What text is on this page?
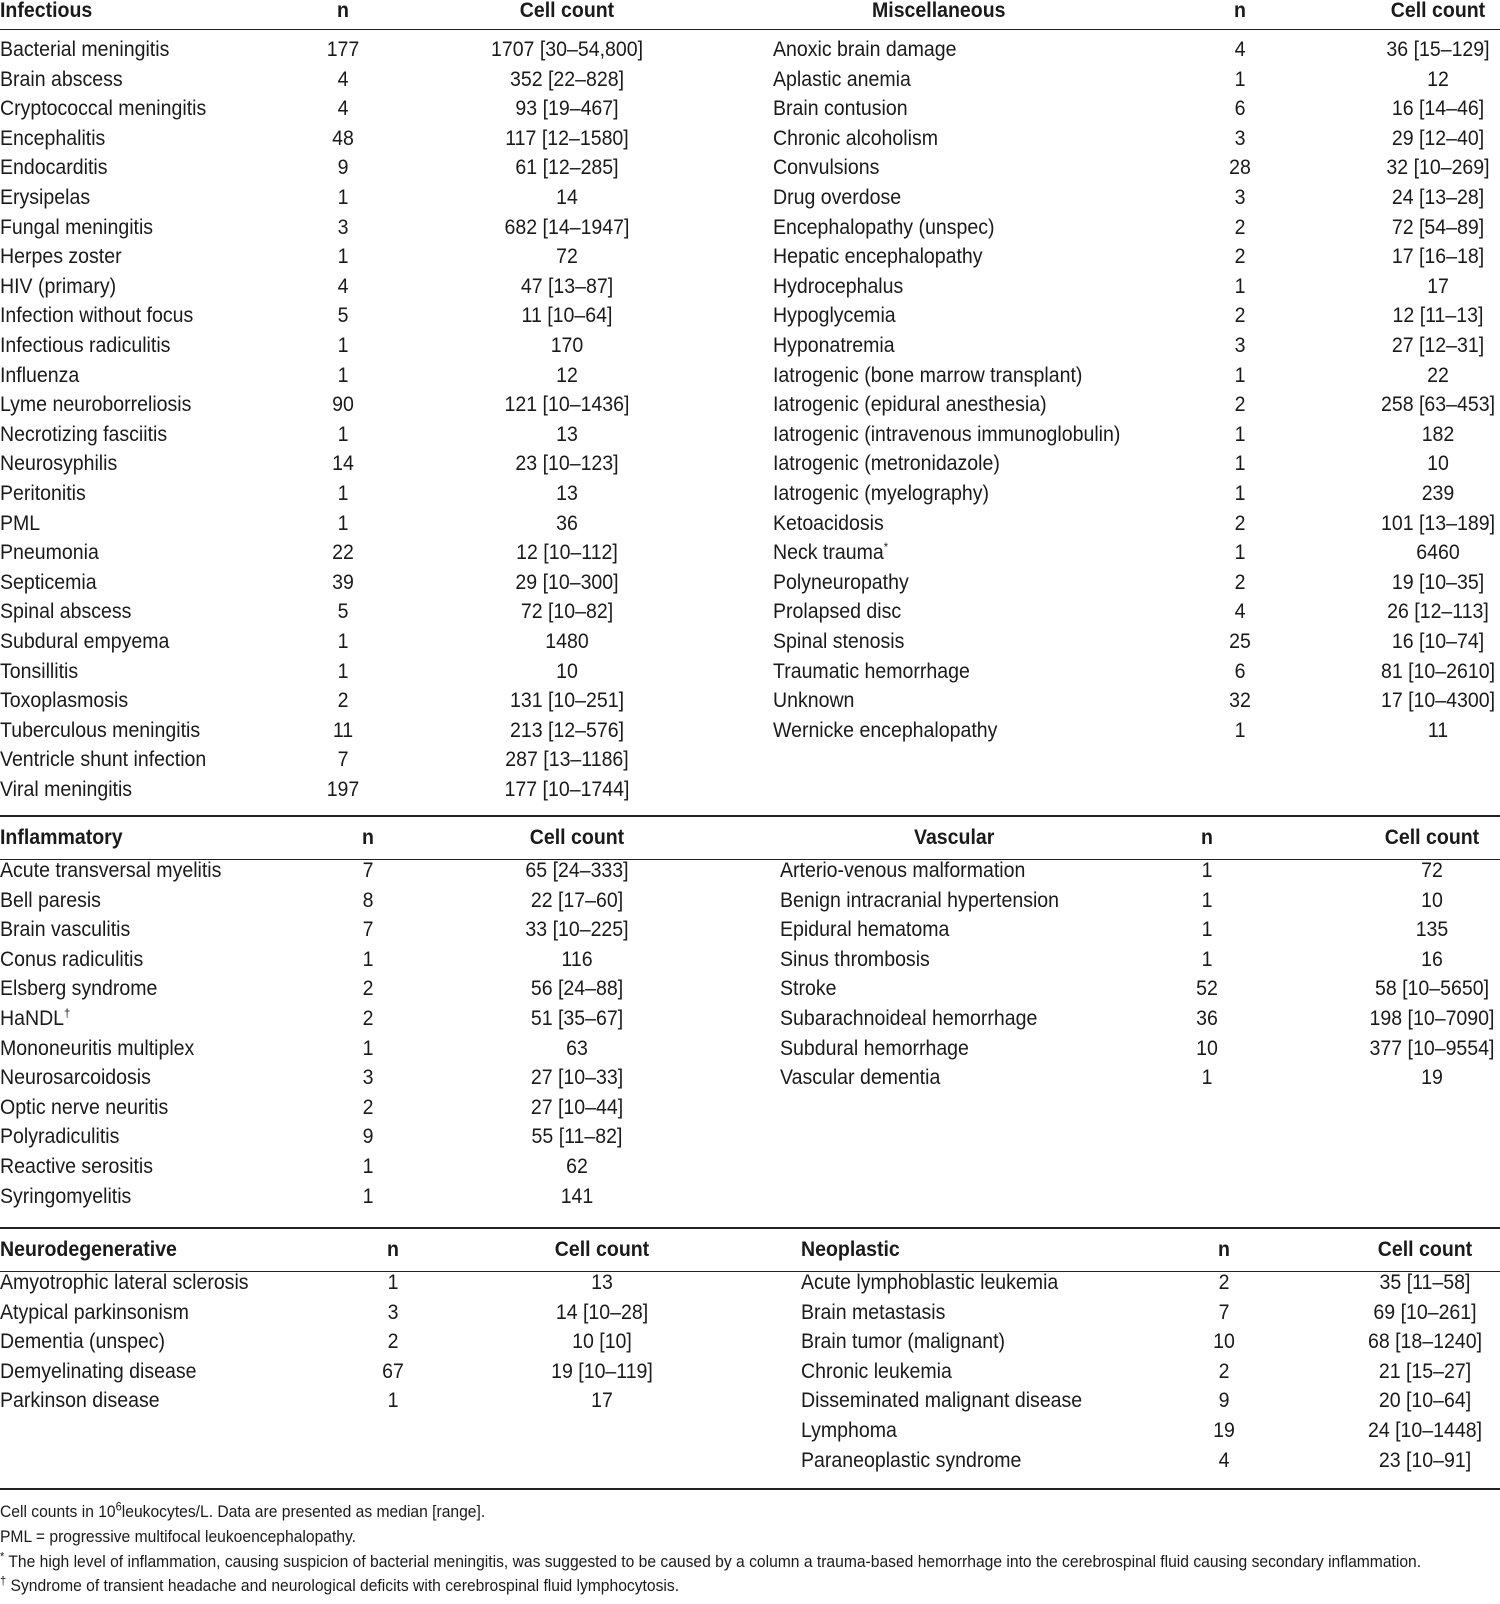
Infectious	n	Cell count
Bacterial meningitis	177	1707 [30–54,800]
Brain abscess	4	352 [22–828]
Cryptococcal meningitis	4	93 [19–467]
Encephalitis	48	117 [12–1580]
Endocarditis	9	61 [12–285]
Erysipelas	1	14
Fungal meningitis	3	682 [14–1947]
Herpes zoster	1	72
HIV (primary)	4	47 [13–87]
Infection without focus	5	11 [10–64]
Infectious radiculitis	1	170
Influenza	1	12
Lyme neuroborreliosis	90	121 [10–1436]
Necrotizing fasciitis	1	13
Neurosyphilis	14	23 [10–123]
Peritonitis	1	13
PML	1	36
Pneumonia	22	12 [10–112]
Septicemia	39	29 [10–300]
Spinal abscess	5	72 [10–82]
Subdural empyema	1	1480
Tonsillitis	1	10
Toxoplasmosis	2	131 [10–251]
Tuberculous meningitis	11	213 [12–576]
Ventricle shunt infection	7	287 [13–1186]
Viral meningitis	197	177 [10–1744]
Miscellaneous	n	Cell count
Anoxic brain damage	4	36 [15–129]
Aplastic anemia	1	12
Brain contusion	6	16 [14–46]
Chronic alcoholism	3	29 [12–40]
Convulsions	28	32 [10–269]
Drug overdose	3	24 [13–28]
Encephalopathy (unspec)	2	72 [54–89]
Hepatic encephalopathy	2	17 [16–18]
Hydrocephalus	1	17
Hypoglycemia	2	12 [11–13]
Hyponatremia	3	27 [12–31]
Iatrogenic (bone marrow transplant)	1	22
Iatrogenic (epidural anesthesia)	2	258 [63–453]
Iatrogenic (intravenous immunoglobulin)	1	182
Iatrogenic (metronidazole)	1	10
Iatrogenic (myelography)	1	239
Ketoacidosis	2	101 [13–189]
Neck trauma*	1	6460
Polyneuropathy	2	19 [10–35]
Prolapsed disc	4	26 [12–113]
Spinal stenosis	25	16 [10–74]
Traumatic hemorrhage	6	81 [10–2610]
Unknown	32	17 [10–4300]
Wernicke encephalopathy	1	11
Inflammatory	n	Cell count
Acute transversal myelitis	7	65 [24–333]
Bell paresis	8	22 [17–60]
Brain vasculitis	7	33 [10–225]
Conus radiculitis	1	116
Elsberg syndrome	2	56 [24–88]
HaNDL†	2	51 [35–67]
Mononeuritis multiplex	1	63
Neurosarcoidosis	3	27 [10–33]
Optic nerve neuritis	2	27 [10–44]
Polyradiculitis	9	55 [11–82]
Reactive serositis	1	62
Syringomyelitis	1	141
Vascular	n	Cell count
Arterio-venous malformation	1	72
Benign intracranial hypertension	1	10
Epidural hematoma	1	135
Sinus thrombosis	1	16
Stroke	52	58 [10–5650]
Subarachnoideal hemorrhage	36	198 [10–7090]
Subdural hemorrhage	10	377 [10–9554]
Vascular dementia	1	19
Neurodegenerative	n	Cell count
Amyotrophic lateral sclerosis	1	13
Atypical parkinsonism	3	14 [10–28]
Dementia (unspec)	2	10 [10]
Demyelinating disease	67	19 [10–119]
Parkinson disease	1	17
Neoplastic	n	Cell count
Acute lymphoblastic leukemia	2	35 [11–58]
Brain metastasis	7	69 [10–261]
Brain tumor (malignant)	10	68 [18–1240]
Chronic leukemia	2	21 [15–27]
Disseminated malignant disease	9	20 [10–64]
Lymphoma	19	24 [10–1448]
Paraneoplastic syndrome	4	23 [10–91]
Cell counts in $10^6leukocytes/L$. Data are presented as median [range].
PML = progressive multifocal leukoencephalopathy.
* The high level of inflammation, causing suspicion of bacterial meningitis, was suggested to be caused by a column a trauma-based hemorrhage into the cerebrospinal fluid causing secondary inflammation.
† Syndrome of transient headache and neurological deficits with cerebrospinal fluid lymphocytosis.
